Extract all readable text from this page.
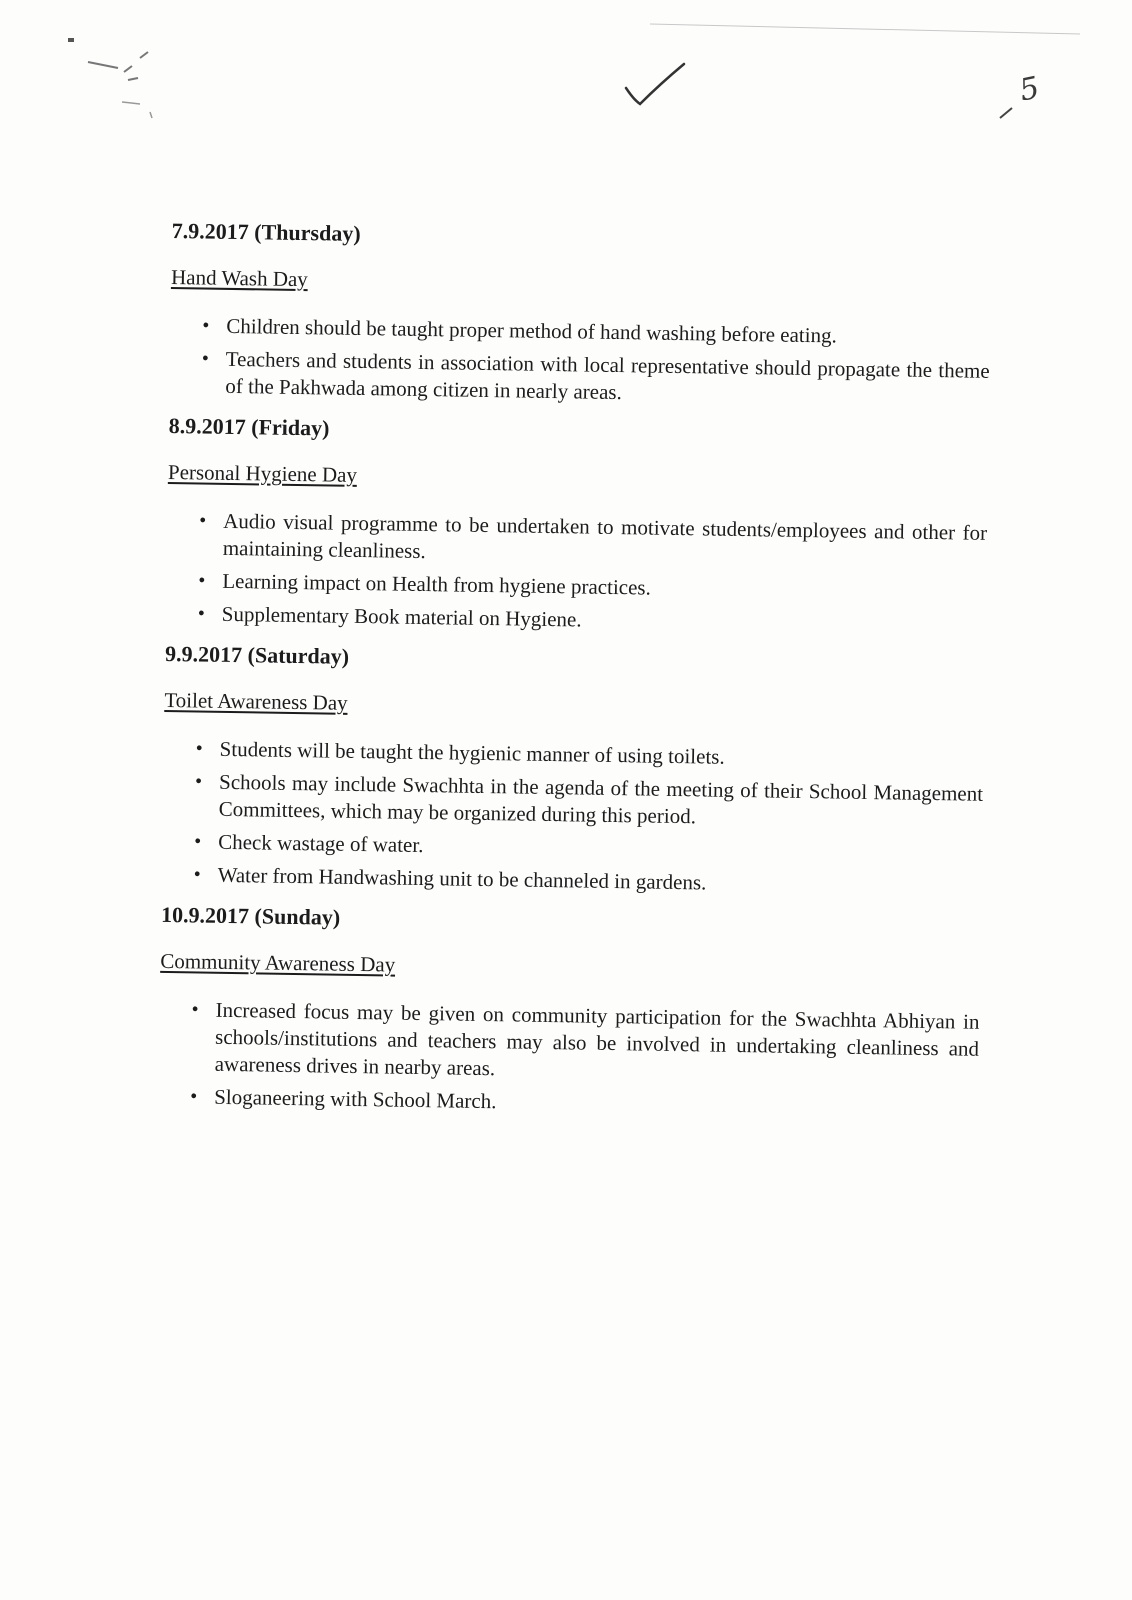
5
7.9.2017 (Thursday)
Hand Wash Day
• Children should be taught proper method of hand washing before eating.
• Teachers and students in association with local representative should propagate the theme of the Pakhwada among citizen in nearly areas.
8.9.2017 (Friday)
Personal Hygiene Day
• Audio visual programme to be undertaken to motivate students/employees and other for maintaining cleanliness.
• Learning impact on Health from hygiene practices.
• Supplementary Book material on Hygiene.
9.9.2017 (Saturday)
Toilet Awareness Day
• Students will be taught the hygienic manner of using toilets.
• Schools may include Swachhta in the agenda of the meeting of their School Management Committees, which may be organized during this period.
• Check wastage of water.
• Water from Handwashing unit to be channeled in gardens.
10.9.2017 (Sunday)
Community Awareness Day
• Increased focus may be given on community participation for the Swachhta Abhiyan in schools/institutions and teachers may also be involved in undertaking cleanliness and awareness drives in nearby areas.
• Sloganeering with School March.
